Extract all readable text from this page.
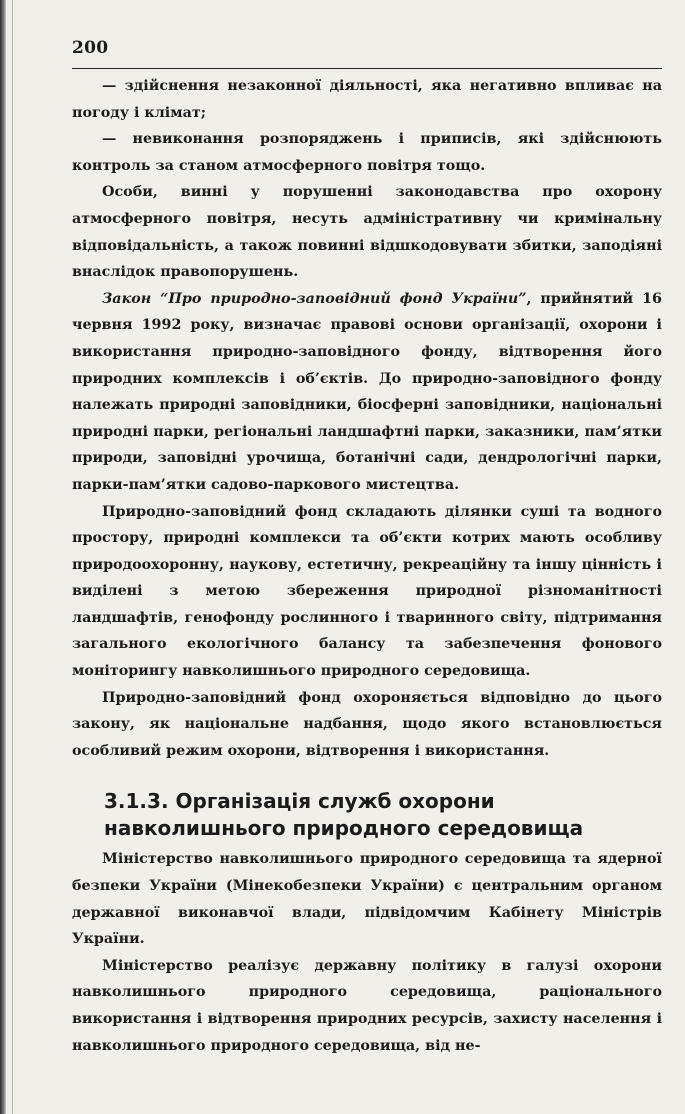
200

— здійснення незаконної діяльності, яка негативно впливає на погоду і клімат;

— невиконання розпоряджень і приписів, які здійснюють контроль за станом атмосферного повітря тощо.

Особи, винні у порушенні законодавства про охорону атмосферного повітря, несуть адміністративну чи кримінальну відповідальність, а також повинні відшкодовувати збитки, заподіяні внаслідок правопорушень.

Закон “Про природно-заповідний фонд України”, прийнятий 16 червня 1992 року, визначає правові основи організації, охорони і використання природно-заповідного фонду, відтворення його природних комплексів і об’єктів. До природно-заповідного фонду належать природні заповідники, біосферні заповідники, національні природні парки, регіональні ландшафтні парки, заказники, пам’ятки природи, заповідні урочища, ботанічні сади, дендрологічні парки, парки-пам’ятки садово-паркового мистецтва.

Природно-заповідний фонд складають ділянки суші та водного простору, природні комплекси та об’єкти котрих мають особливу природоохоронну, наукову, естетичну, рекреаційну та іншу цінність і виділені з метою збереження природної різноманітності ландшафтів, генофонду рослинного і тваринного світу, підтримання загального екологічного балансу та забезпечення фонового моніторингу навколишнього природного середовища.

Природно-заповідний фонд охороняється відповідно до цього закону, як національне надбання, щодо якого встановлюється особливий режим охорони, відтворення і використання.

3.1.3. Організація служб охорони
навколишнього природного середовища

Міністерство навколишнього природного середовища та ядерної безпеки України (Мінекобезпеки України) є центральним органом державної виконавчої влади, підвідомчим Кабінету Міністрів України.

Міністерство реалізує державну політику в галузі охорони навколишнього природного середовища, раціонального використання і відтворення природних ресурсів, захисту населення і навколишнього природного середовища, від не-
